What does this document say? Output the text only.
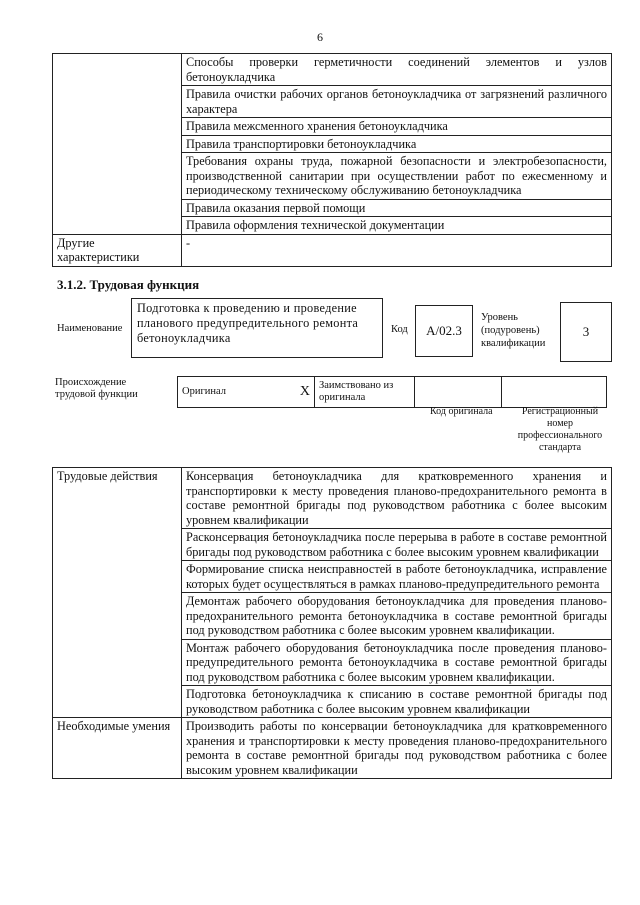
6
	Способы проверки герметичности соединений элементов и узлов бетоноукладчика
	Правила очистки рабочих органов бетоноукладчика от загрязнений различного характера
	Правила межсменного хранения бетоноукладчика
	Правила транспортировки бетоноукладчика
	Требования охраны труда, пожарной безопасности и электробезопасности, производственной санитарии при осуществлении работ по ежесменному и периодическому техническому обслуживанию бетоноукладчика
	Правила оказания первой помощи
	Правила оформления технической документации
Другие характеристики	-
3.1.2. Трудовая функция
Наименование
Подготовка к проведению и проведение планового предупредительного ремонта бетоноукладчика
Код	A/02.3
Уровень (подуровень) квалификации
3
Происхождение трудовой функции	Оригинал	X	Заимствовано из оригинала		
Код оригинала	Регистрационный номер профессионального стандарта
Трудовые действия	Консервация бетоноукладчика для кратковременного хранения и транспортировки к месту проведения планово-предохранительного ремонта в составе ремонтной бригады под руководством работника с более высоким уровнем квалификации
	Расконсервация бетоноукладчика после перерыва в работе в составе ремонтной бригады под руководством работника с более высоким уровнем квалификации
	Формирование списка неисправностей в работе бетоноукладчика, исправление которых будет осуществляться в рамках планово-предупредительного ремонта
	Демонтаж рабочего оборудования бетоноукладчика для проведения планово-предохранительного ремонта бетоноукладчика в составе ремонтной бригады под руководством работника с более высоким уровнем квалификации.
	Монтаж рабочего оборудования бетоноукладчика после проведения планово-предупредительного ремонта бетоноукладчика в составе ремонтной бригады под руководством работника с более высоким уровнем квалификации.
	Подготовка бетоноукладчика к списанию в составе ремонтной бригады под руководством работника с более высоким уровнем квалификации
Необходимые умения	Производить работы по консервации бетоноукладчика для кратковременного хранения и транспортировки к месту проведения планово-предохранительного ремонта в составе ремонтной бригады под руководством работника с более высоким уровнем квалификации
